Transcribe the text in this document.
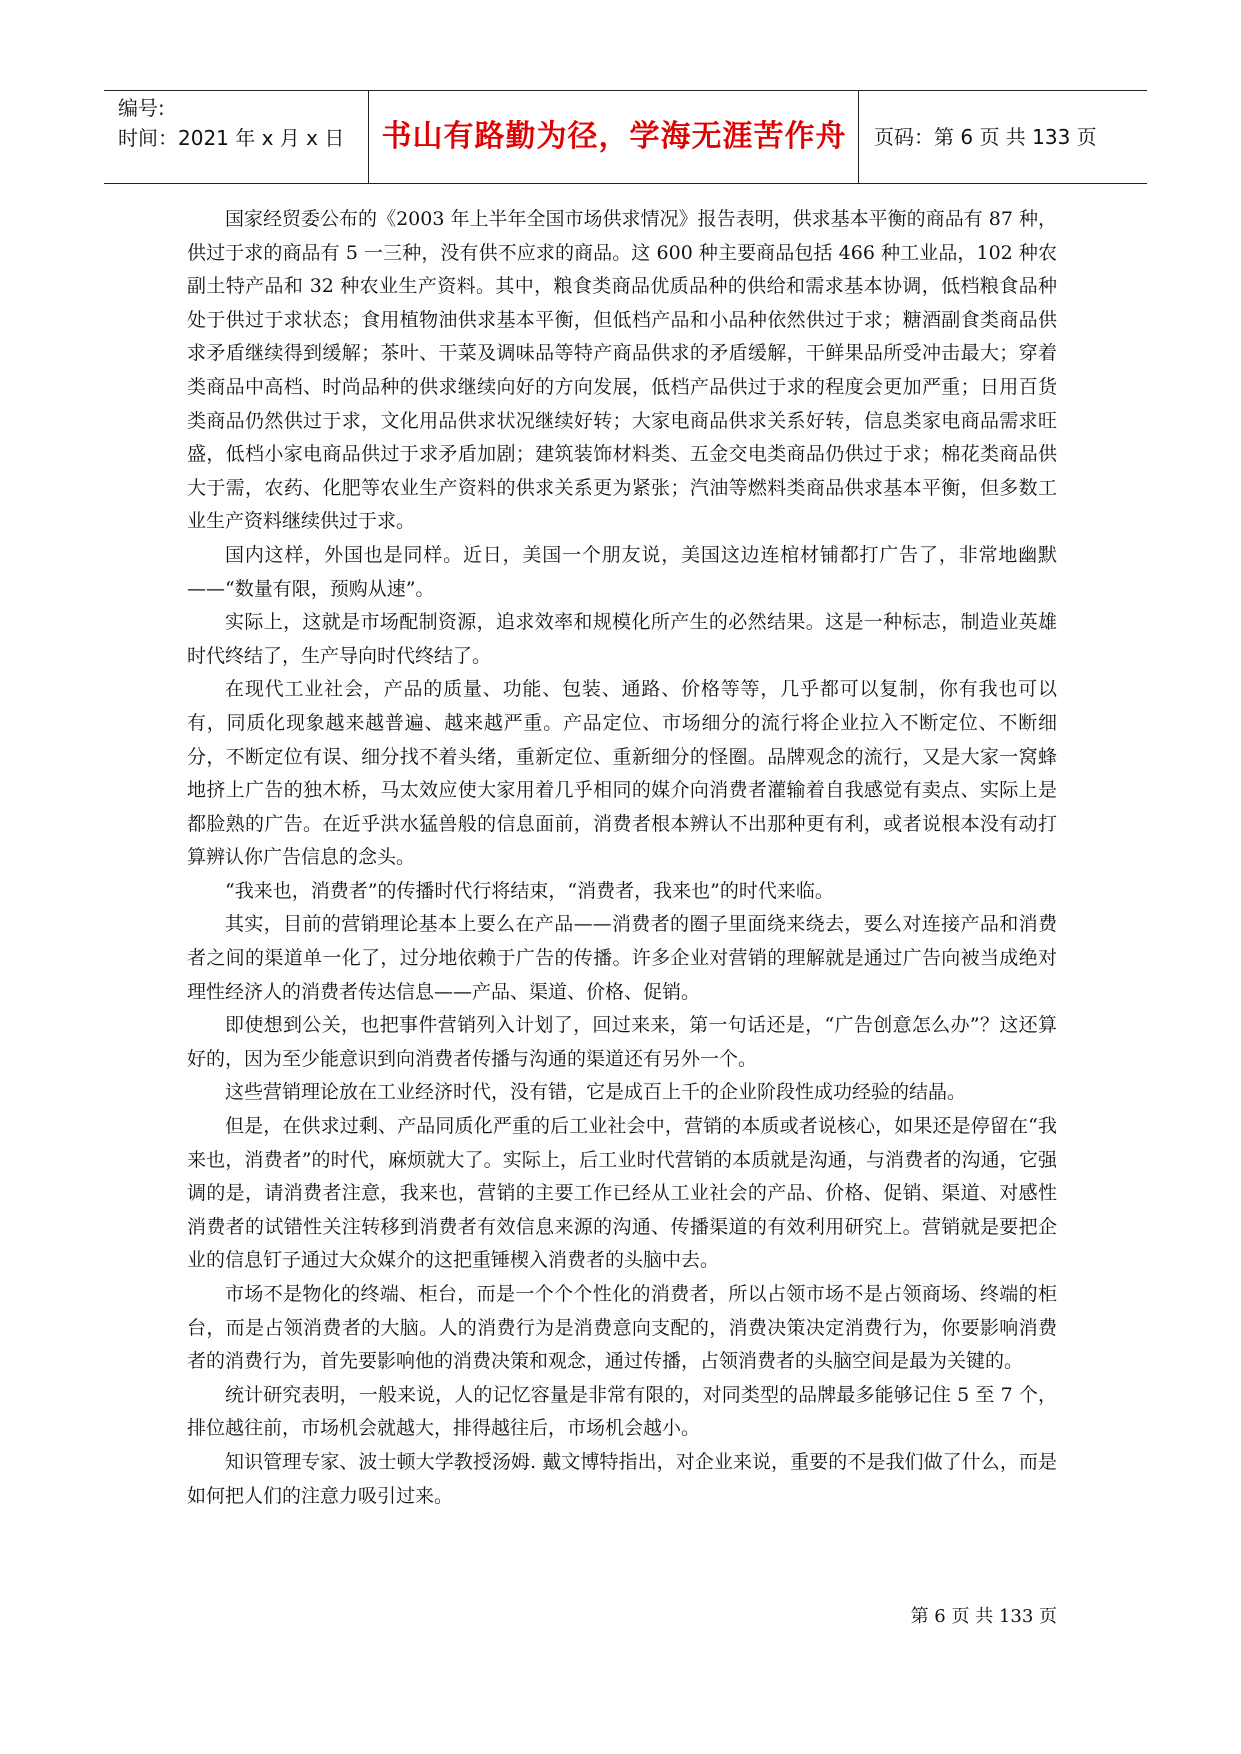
编号:
时间：2021 年 x 月 x 日	书山有路勤为径，学海无涯苦作舟	页码：第 6 页 共 133 页

国家经贸委公布的《2003 年上半年全国市场供求情况》报告表明，供求基本平衡的商品有 87 种，供过于求的商品有 5 一三种，没有供不应求的商品。这 600 种主要商品包括 466 种工业品，102 种农副土特产品和 32 种农业生产资料。其中，粮食类商品优质品种的供给和需求基本协调，低档粮食品种处于供过于求状态；食用植物油供求基本平衡，但低档产品和小品种依然供过于求；糖酒副食类商品供求矛盾继续得到缓解；茶叶、干菜及调味品等特产商品供求的矛盾缓解，干鲜果品所受冲击最大；穿着类商品中高档、时尚品种的供求继续向好的方向发展，低档产品供过于求的程度会更加严重；日用百货类商品仍然供过于求，文化用品供求状况继续好转；大家电商品供求关系好转，信息类家电商品需求旺盛，低档小家电商品供过于求矛盾加剧；建筑装饰材料类、五金交电类商品仍供过于求；棉花类商品供大于需，农药、化肥等农业生产资料的供求关系更为紧张；汽油等燃料类商品供求基本平衡，但多数工业生产资料继续供过于求。

国内这样，外国也是同样。近日，美国一个朋友说，美国这边连棺材铺都打广告了，非常地幽默——“数量有限，预购从速”。

实际上，这就是市场配制资源，追求效率和规模化所产生的必然结果。这是一种标志，制造业英雄时代终结了，生产导向时代终结了。

在现代工业社会，产品的质量、功能、包装、通路、价格等等，几乎都可以复制，你有我也可以有，同质化现象越来越普遍、越来越严重。产品定位、市场细分的流行将企业拉入不断定位、不断细分，不断定位有误、细分找不着头绪，重新定位、重新细分的怪圈。品牌观念的流行，又是大家一窝蜂地挤上广告的独木桥，马太效应使大家用着几乎相同的媒介向消费者灌输着自我感觉有卖点、实际上是都脸熟的广告。在近乎洪水猛兽般的信息面前，消费者根本辨认不出那种更有利，或者说根本没有动打算辨认你广告信息的念头。

“我来也，消费者”的传播时代行将结束，“消费者，我来也”的时代来临。

其实，目前的营销理论基本上要么在产品——消费者的圈子里面绕来绕去，要么对连接产品和消费者之间的渠道单一化了，过分地依赖于广告的传播。许多企业对营销的理解就是通过广告向被当成绝对理性经济人的消费者传达信息——产品、渠道、价格、促销。

即使想到公关，也把事件营销列入计划了，回过来来，第一句话还是，“广告创意怎么办”？这还算好的，因为至少能意识到向消费者传播与沟通的渠道还有另外一个。

这些营销理论放在工业经济时代，没有错，它是成百上千的企业阶段性成功经验的结晶。

但是，在供求过剩、产品同质化严重的后工业社会中，营销的本质或者说核心，如果还是停留在“我来也，消费者”的时代，麻烦就大了。实际上，后工业时代营销的本质就是沟通，与消费者的沟通，它强调的是，请消费者注意，我来也，营销的主要工作已经从工业社会的产品、价格、促销、渠道、对感性消费者的试错性关注转移到消费者有效信息来源的沟通、传播渠道的有效利用研究上。营销就是要把企业的信息钉子通过大众媒介的这把重锤楔入消费者的头脑中去。

市场不是物化的终端、柜台，而是一个个个性化的消费者，所以占领市场不是占领商场、终端的柜台，而是占领消费者的大脑。人的消费行为是消费意向支配的，消费决策决定消费行为，你要影响消费者的消费行为，首先要影响他的消费决策和观念，通过传播，占领消费者的头脑空间是最为关键的。

统计研究表明，一般来说，人的记忆容量是非常有限的，对同类型的品牌最多能够记住 5 至 7 个，排位越往前，市场机会就越大，排得越往后，市场机会越小。

知识管理专家、波士顿大学教授汤姆. 戴文博特指出，对企业来说，重要的不是我们做了什么，而是如何把人们的注意力吸引过来。

第 6 页 共 133 页
